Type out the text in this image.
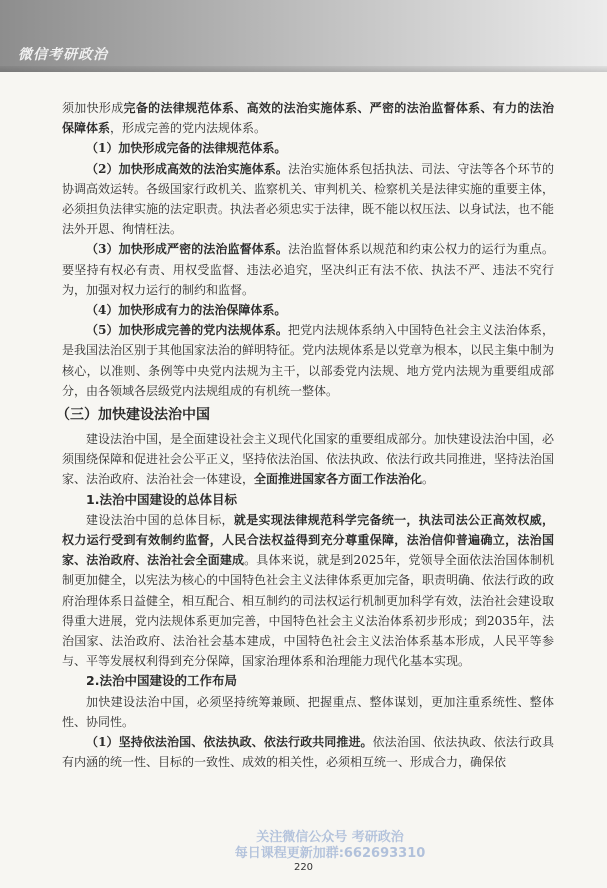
微信考研政治

须加快形成完备的法律规范体系、高效的法治实施体系、严密的法治监督体系、有力的法治保障体系，形成完善的党内法规体系。

（1）加快形成完备的法律规范体系。

（2）加快形成高效的法治实施体系。法治实施体系包括执法、司法、守法等各个环节的协调高效运转。各级国家行政机关、监察机关、审判机关、检察机关是法律实施的重要主体，必须担负法律实施的法定职责。执法者必须忠实于法律，既不能以权压法、以身试法，也不能法外开恩、徇情枉法。

（3）加快形成严密的法治监督体系。法治监督体系以规范和约束公权力的运行为重点。要坚持有权必有责、用权受监督、违法必追究，坚决纠正有法不依、执法不严、违法不究行为，加强对权力运行的制约和监督。

（4）加快形成有力的法治保障体系。

（5）加快形成完善的党内法规体系。把党内法规体系纳入中国特色社会主义法治体系，是我国法治区别于其他国家法治的鲜明特征。党内法规体系是以党章为根本，以民主集中制为核心，以准则、条例等中央党内法规为主干，以部委党内法规、地方党内法规为重要组成部分，由各领域各层级党内法规组成的有机统一整体。

（三）加快建设法治中国

建设法治中国，是全面建设社会主义现代化国家的重要组成部分。加快建设法治中国，必须围绕保障和促进社会公平正义，坚持依法治国、依法执政、依法行政共同推进，坚持法治国家、法治政府、法治社会一体建设，全面推进国家各方面工作法治化。

1.法治中国建设的总体目标

建设法治中国的总体目标，就是实现法律规范科学完备统一，执法司法公正高效权威，权力运行受到有效制约监督，人民合法权益得到充分尊重保障，法治信仰普遍确立，法治国家、法治政府、法治社会全面建成。具体来说，就是到2025年，党领导全面依法治国体制机制更加健全，以宪法为核心的中国特色社会主义法律体系更加完备，职责明确、依法行政的政府治理体系日益健全，相互配合、相互制约的司法权运行机制更加科学有效，法治社会建设取得重大进展，党内法规体系更加完善，中国特色社会主义法治体系初步形成；到2035年，法治国家、法治政府、法治社会基本建成，中国特色社会主义法治体系基本形成，人民平等参与、平等发展权利得到充分保障，国家治理体系和治理能力现代化基本实现。

2.法治中国建设的工作布局

加快建设法治中国，必须坚持统筹兼顾、把握重点、整体谋划，更加注重系统性、整体性、协同性。

（1）坚持依法治国、依法执政、依法行政共同推进。依法治国、依法执政、依法行政具有内涵的统一性、目标的一致性、成效的相关性，必须相互统一、形成合力，确保依

关注微信公众号 考研政治
每日课程更新加群:662693310
220
